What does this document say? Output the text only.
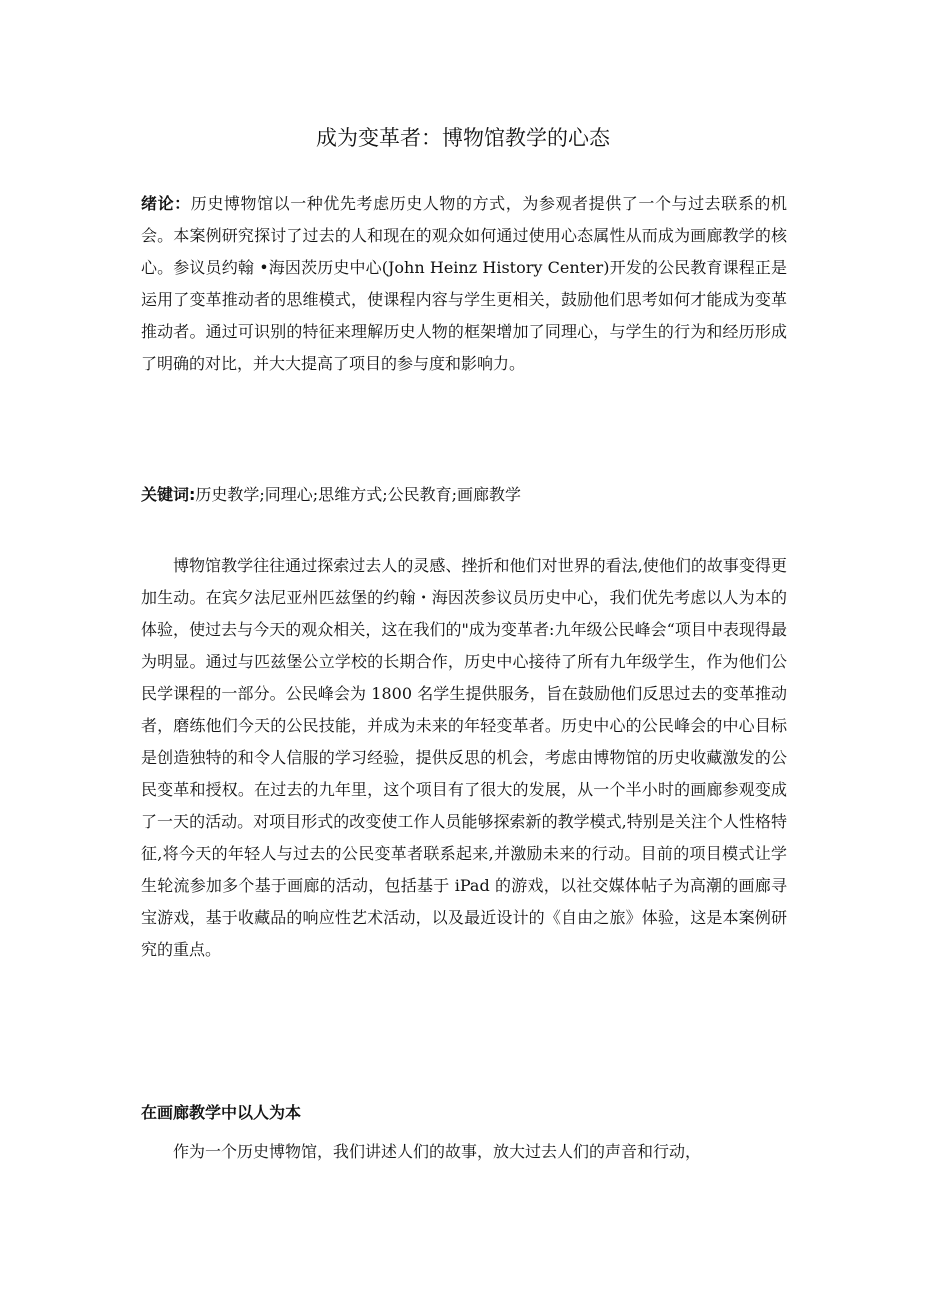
成为变革者：博物馆教学的心态

绪论：历史博物馆以一种优先考虑历史人物的方式，为参观者提供了一个与过去联系的机会。本案例研究探讨了过去的人和现在的观众如何通过使用心态属性从而成为画廊教学的核心。参议员约翰 •海因茨历史中心(John Heinz History Center)开发的公民教育课程正是运用了变革推动者的思维模式，使课程内容与学生更相关，鼓励他们思考如何才能成为变革推动者。通过可识别的特征来理解历史人物的框架增加了同理心，与学生的行为和经历形成了明确的对比，并大大提高了项目的参与度和影响力。

关键词:历史教学;同理心;思维方式;公民教育;画廊教学

博物馆教学往往通过探索过去人的灵感、挫折和他们对世界的看法,使他们的故事变得更加生动。在宾夕法尼亚州匹兹堡的约翰・海因茨参议员历史中心，我们优先考虑以人为本的体验，使过去与今天的观众相关，这在我们的"成为变革者:九年级公民峰会“项目中表现得最为明显。通过与匹兹堡公立学校的长期合作，历史中心接待了所有九年级学生，作为他们公民学课程的一部分。公民峰会为 1800 名学生提供服务，旨在鼓励他们反思过去的变革推动者，磨练他们今天的公民技能，并成为未来的年轻变革者。历史中心的公民峰会的中心目标是创造独特的和令人信服的学习经验，提供反思的机会，考虑由博物馆的历史收藏激发的公民变革和授权。在过去的九年里，这个项目有了很大的发展，从一个半小时的画廊参观变成了一天的活动。对项目形式的改变使工作人员能够探索新的教学模式,特别是关注个人性格特征,将今天的年轻人与过去的公民变革者联系起来,并激励未来的行动。目前的项目模式让学生轮流参加多个基于画廊的活动，包括基于 iPad 的游戏，以社交媒体帖子为高潮的画廊寻宝游戏，基于收藏品的响应性艺术活动，以及最近设计的《自由之旅》体验，这是本案例研究的重点。

在画廊教学中以人为本

作为一个历史博物馆，我们讲述人们的故事，放大过去人们的声音和行动，
